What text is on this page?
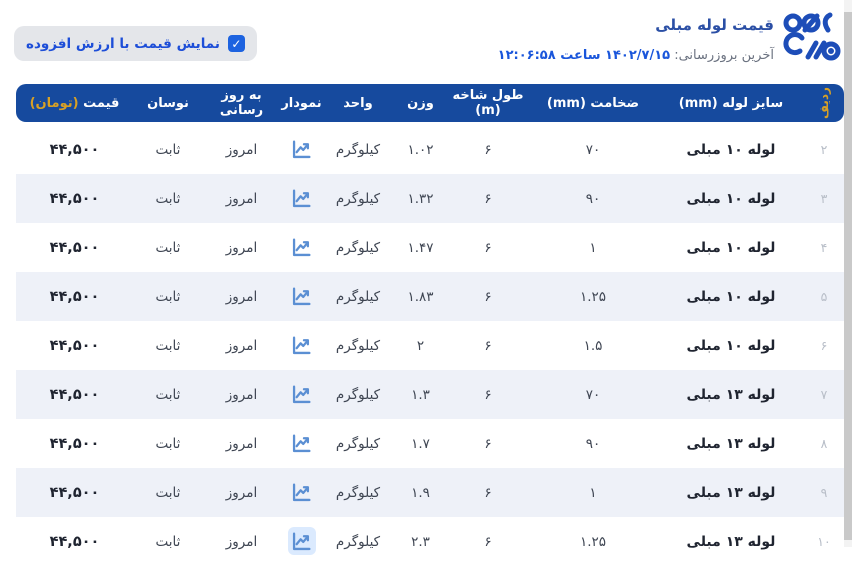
قیمت لوله مبلی
آخرین بروزرسانی: ۱۴۰۲/۷/۱۵ ساعت ۱۲:۰۶:۵۸
✓
نمایش قیمت با ارزش افزوده
ردیف
سایز لوله (mm)
ضخامت (mm)
طول شاخه (m)
وزن
واحد
نمودار
به روز رسانی
نوسان
قیمت (تومان)
۲
لوله ۱۰ مبلی
۷۰
۶
۱.۰۲
کیلوگرم
امروز
ثابت
۴۴,۵۰۰
۳
لوله ۱۰ مبلی
۹۰
۶
۱.۳۲
کیلوگرم
امروز
ثابت
۴۴,۵۰۰
۴
لوله ۱۰ مبلی
۱
۶
۱.۴۷
کیلوگرم
امروز
ثابت
۴۴,۵۰۰
۵
لوله ۱۰ مبلی
۱.۲۵
۶
۱.۸۳
کیلوگرم
امروز
ثابت
۴۴,۵۰۰
۶
لوله ۱۰ مبلی
۱.۵
۶
۲
کیلوگرم
امروز
ثابت
۴۴,۵۰۰
۷
لوله ۱۳ مبلی
۷۰
۶
۱.۳
کیلوگرم
امروز
ثابت
۴۴,۵۰۰
۸
لوله ۱۳ مبلی
۹۰
۶
۱.۷
کیلوگرم
امروز
ثابت
۴۴,۵۰۰
۹
لوله ۱۳ مبلی
۱
۶
۱.۹
کیلوگرم
امروز
ثابت
۴۴,۵۰۰
۱۰
لوله ۱۳ مبلی
۱.۲۵
۶
۲.۳
کیلوگرم
امروز
ثابت
۴۴,۵۰۰
